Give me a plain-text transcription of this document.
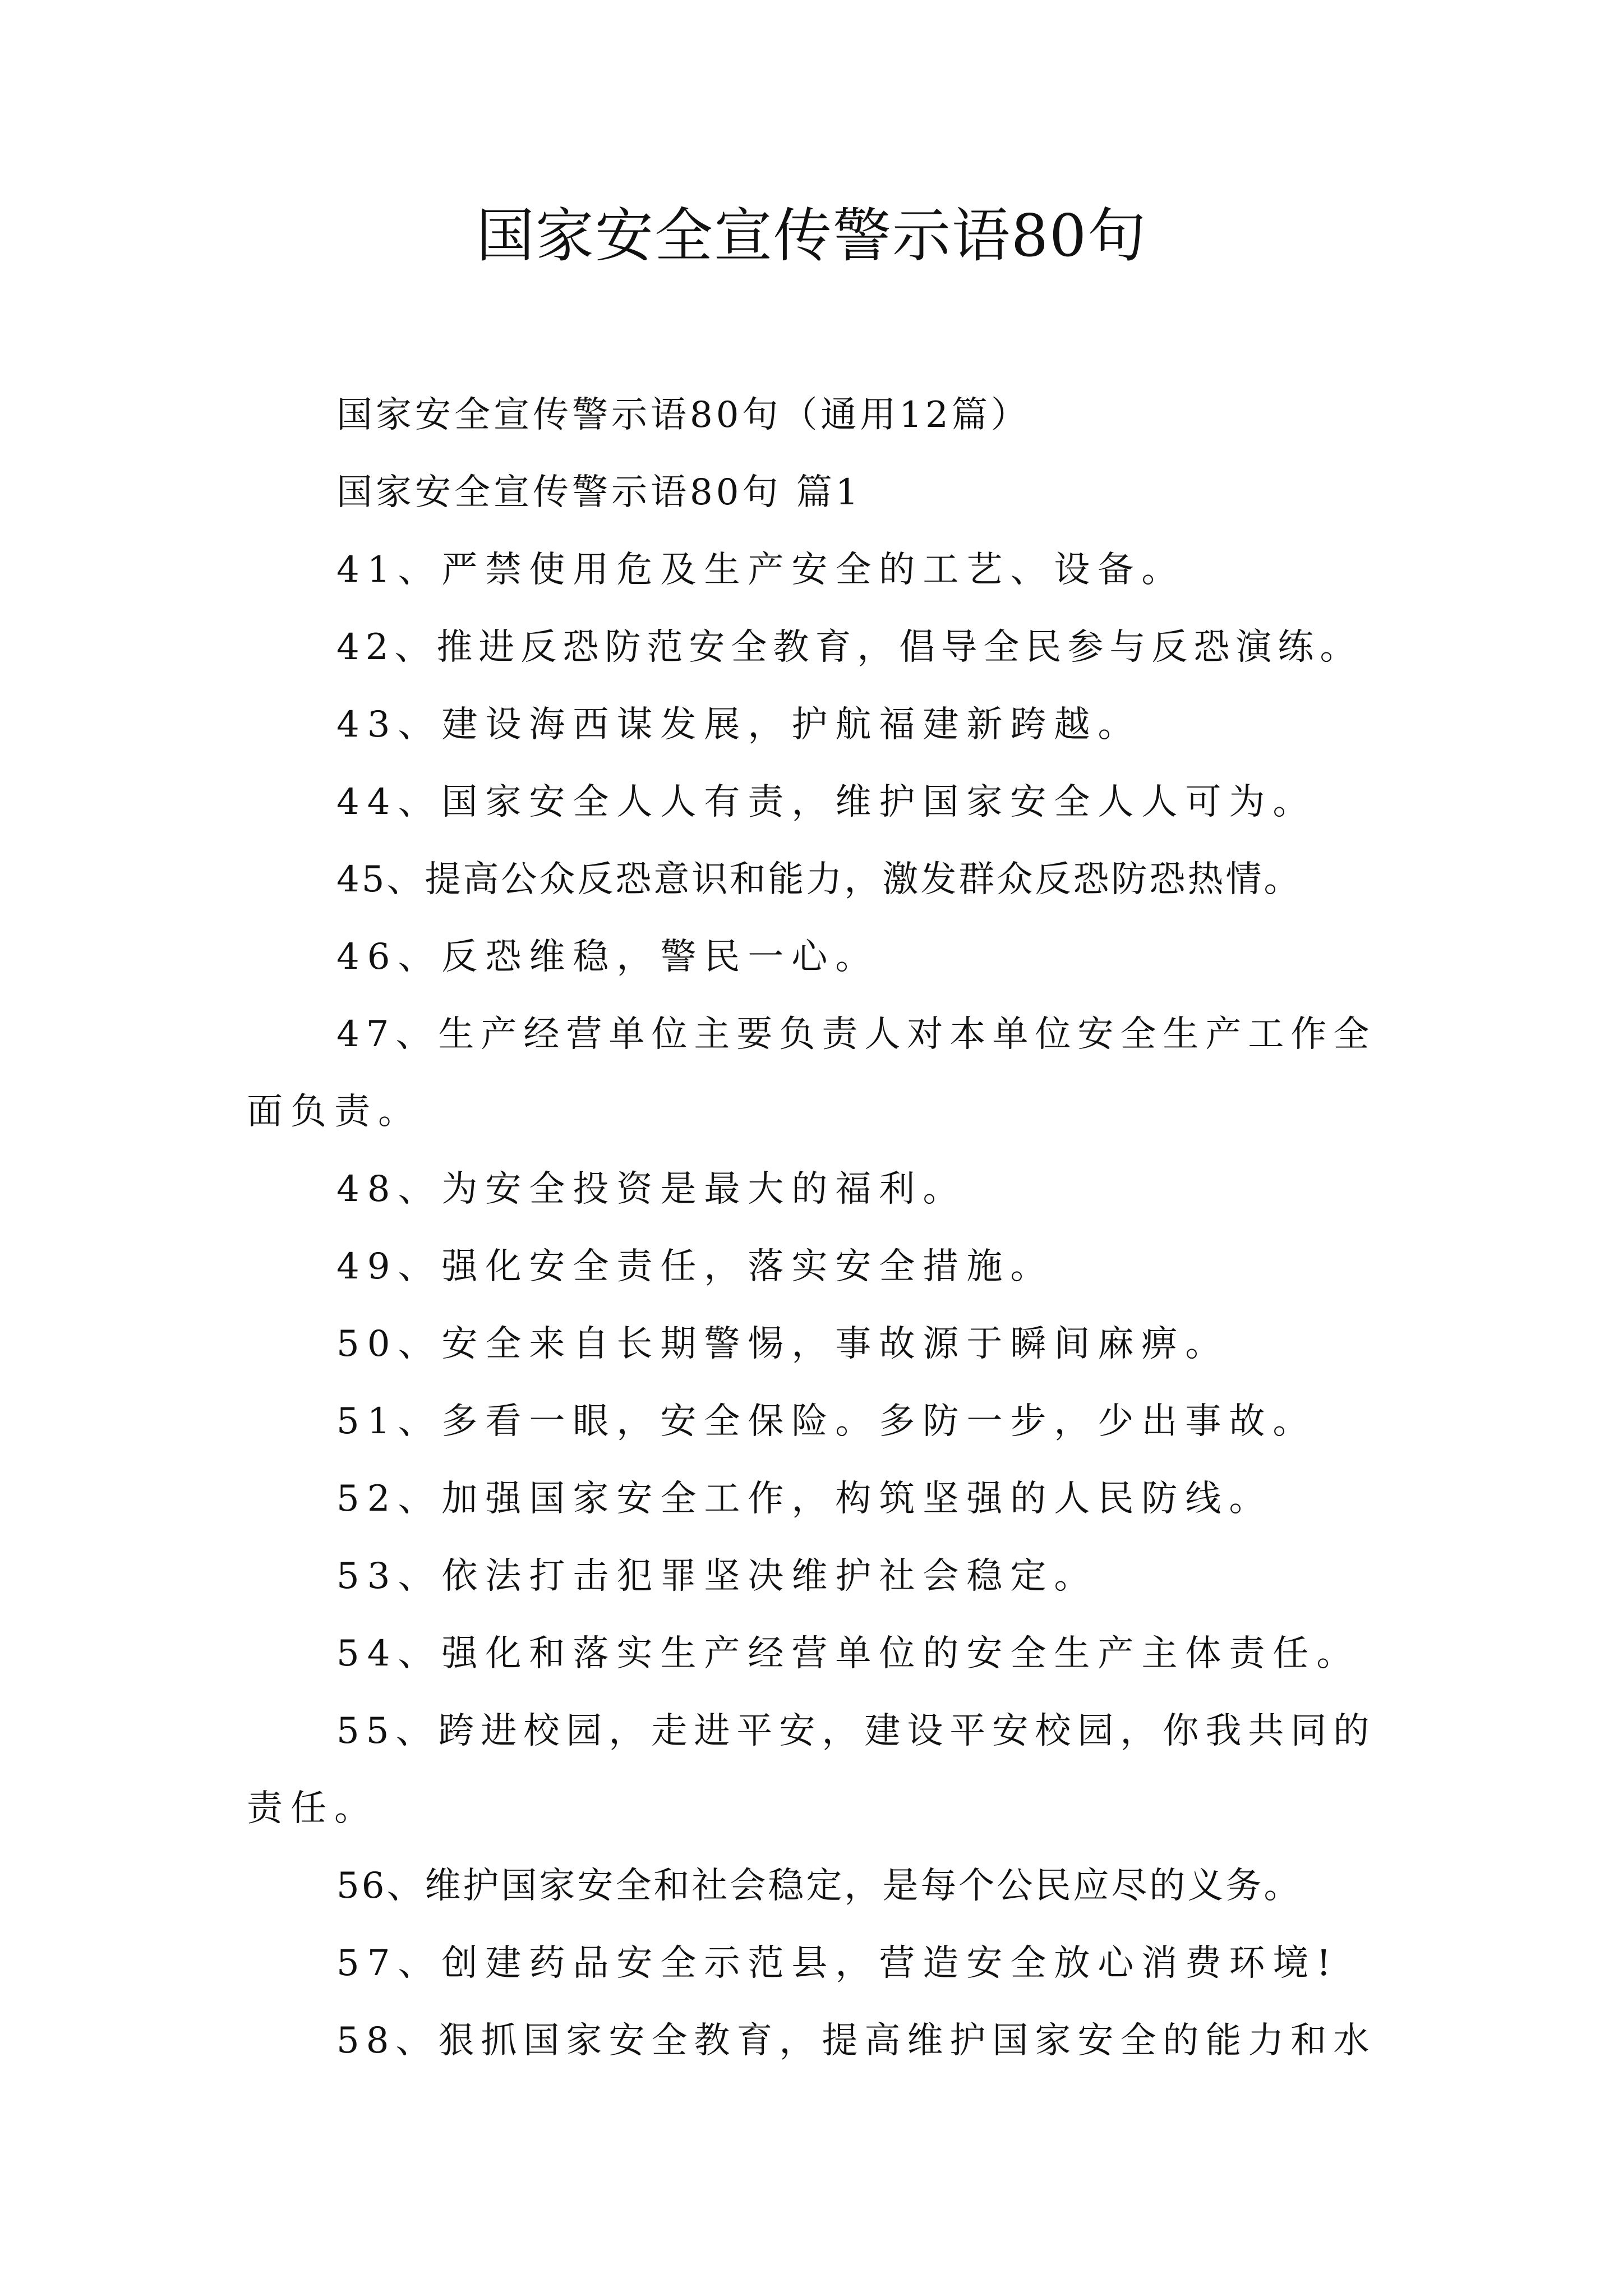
国家安全宣传警示语80句
国家安全宣传警示语80句（通用12篇）
国家安全宣传警示语80句 篇1
41、严禁使用危及生产安全的工艺、设备。
42、推进反恐防范安全教育，倡导全民参与反恐演练。
43、建设海西谋发展，护航福建新跨越。
44、国家安全人人有责，维护国家安全人人可为。
45、提高公众反恐意识和能力，激发群众反恐防恐热情。
46、反恐维稳，警民一心。
47、生产经营单位主要负责人对本单位安全生产工作全
面负责。
48、为安全投资是最大的福利。
49、强化安全责任，落实安全措施。
50、安全来自长期警惕，事故源于瞬间麻痹。
51、多看一眼，安全保险。多防一步，少出事故。
52、加强国家安全工作，构筑坚强的人民防线。
53、依法打击犯罪坚决维护社会稳定。
54、强化和落实生产经营单位的安全生产主体责任。
55、跨进校园，走进平安，建设平安校园，你我共同的
责任。
56、维护国家安全和社会稳定，是每个公民应尽的义务。
57、创建药品安全示范县，营造安全放心消费环境!
58、狠抓国家安全教育，提高维护国家安全的能力和水
